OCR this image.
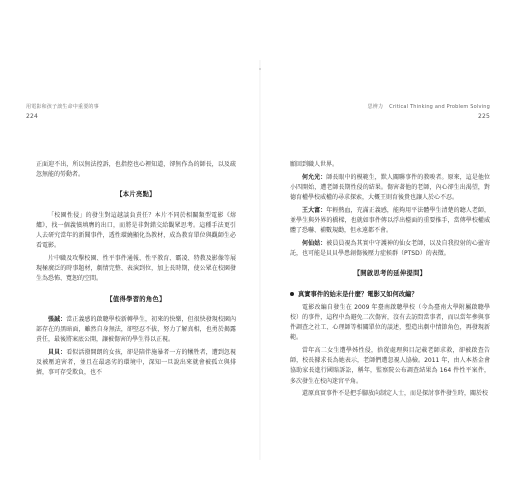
用電影和孩子談生命中重要的事
224

正面迎不出，所以無法控訴，也指控也心裡知道，卻無作為的師長，以及疏忽無能的勞動者。

【本片亮點】

「校園性侵」的發生對這越談負責任？本片不同於相關類型電影《熔爐》，找一個義憤填膺的出口，而將是非對錯交給觀眾思考。這種手法更引人去研究當年的新聞事件，透性環繞顯化為教材，成為教育單位與觀師生必看電影。

片中職及攻擊校園、性平事件通報、性平教育、霸凌、特教及影像等展現極廣泛的時事題材，劇情完整、表演到位，加上長時期，使公眾在校園發生為恐怖、寬恕的空間。

【值得學習的角色】

張誠：當正義感的啟聰學校新轉學生，初來的快樂，但很快發現校園內部存在的黑暗面，雖然自身無法，卻堅忍不拔，努力了解真相，也勇於揭露責任，最後將案底公開，讓被傷害的學生得以正視。

貝貝：看似活潑開朗的女孩，卻是陪伴施暴者一方的犧牲者，遭到忽視及被壓迫害者，並且在最惡劣的環境中，深知一旦說出來就會被孤立與排擠，事可存受欺負，也不

思辨力 Critical Thinking and Problem Solving
225

願回到職人世界。

何允光：師長眼中的模範生，默人關聯事件的教唆者。原來，這是他位小四開始，遭老師長期性侵的結果。傷害著他的老師，內心卻生出渴望，對德育權學校威權的尋求探索，大概王則育後貴也讓人於心不忍。

王大富：年輕熱血，充滿正義感，能夠用平法體學生清楚的聽人老師，並學生與外界的橋樑，也就如事件傳以浮出檯面的重要推手，當傳學校權威體了恐嚇、補數規勸，但永遠都不會。

何仙姑：被員員視為其實中守護神的仙女老師，以及自我投射的心靈寄託，也可能是貝貝學患創傷後壓力症候群（PTSD）的表徵。

【開啟思考的延伸提問】
真實事件的始末是什麼？電影又如何改編？

電影改編自發生在 2009 年臺南啟聰學校（今為臺南大學附屬啟聰學校）的事件，這程中為避免二次傷害，沒有去訪問當事者，而以當年參與事件調查之社工、心理師等相關單位的談述，塑造出劇中情節角色，再發現新範。

當年高二女生遭學姊性侵，捨從處理與目記載老師求救，卻被啟查告師，校長據求長為她表示，老師們遭忽視人協檢。2011 年，由人本基金會協助家長進行國賠訴訟，稱年，監察院公布調查結果為 164 件性平案件，多次發生在校內迷宮平角。

還原真實事件不是把手腳放向制定人士，而是探討事件發生時，關於校
